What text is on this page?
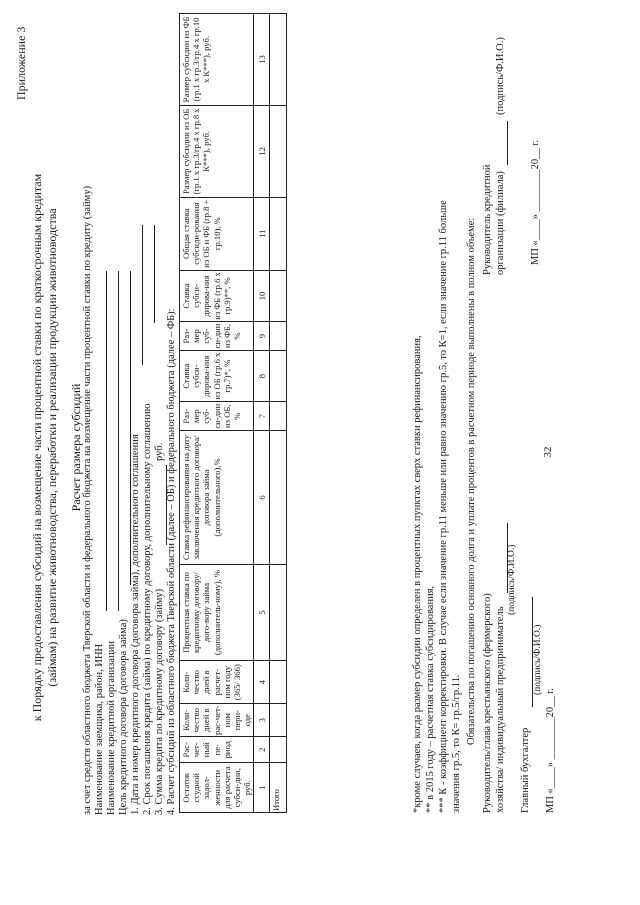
32
Приложение 3
к Порядку предоставления субсидий на возмещение части процентной ставки по краткосрочным кредитам (займам) на развитие животноводства, переработки и реализации продукции животноводства Расчет размера субсидий за счет средств областного бюджета Тверской области и федерального бюджета на возмещение части процентной ставки по кредиту (займу) Наименование заемщика, район, ИНН Наименование кредитной организации Цель кредитного договора (договора займа) 1. Дата и номер кредитного договора (договора займа), дополнительного соглашения 2. Срок погашения кредита (займа) по кредитному договору, дополнительному соглашению 3. Сумма кредита по кредитному договору (займу)
руб. 4. Расчет субсидий из областного бюджета Тверской области (далее – ОБ) и федерального бюджета (далее – ФБ): Остаток ссудной задол-женности для расчета субси-дии, руб.	Рас-чет-ный пе-риод	Коли-чество дней в рас-чет-ном пери-оде	Коли-чество дней в расчет-ном году (365/ 366)	Процентная ставка по кредитному договору/дого-вору займа (дополнитель-ному), %	Ставка рефинансирования на дату заключения кредитного договора/договора займа (дополнительного),%	Раз-мер суб-си-дии из ОБ, %	Ставка субси-дирова-ния из ОБ (гр.6 х гр.7)*, %	Раз-мер суб-си-дии из ФБ, %	Ставка субси-дирова-ния из ФБ (гр.6 х гр.9)**, %	Общая ставка субсиди-рования из ОБ и ФБ (гр.8 + гр.10), %	Размер субсидии из ОБ (гр.1 х гр.3/гр.4 х гр.8 х К***), руб.	Размер субсидии из ФБ (гр.1 х гр.3/гр.4 х гр.10 х К***), руб.
1	2	3	4	5	6	7	8	9	10	11	12	13
Итого													*кроме случаев, когда размер субсидии определен в процентных пунктах сверх ставки рефинансирования, ** в 2015 году – расчетная ставка субсидирования, *** К - коэффициент корректировки. В случае если значение гр.11 меньше или равно значению гр.5, то К=1, если значение гр.11 больше значения гр.5, то К= гр.5/гр.11. Обязательства по погашению основного долга и уплате процентов в расчетном периоде выполнены в полном объеме: Руководитель/глава крестьянского (фермерского) хозяйства/ индивидуальный предприниматель
(подпись/Ф.И.О.)
Главный бухгалтер
(подпись/Ф.И.О.)
МП «____» ________20__ г.
Руководитель кредитной организации (филиала)
(подпись/Ф.И.О.)
МП «____» ________20__ г.
